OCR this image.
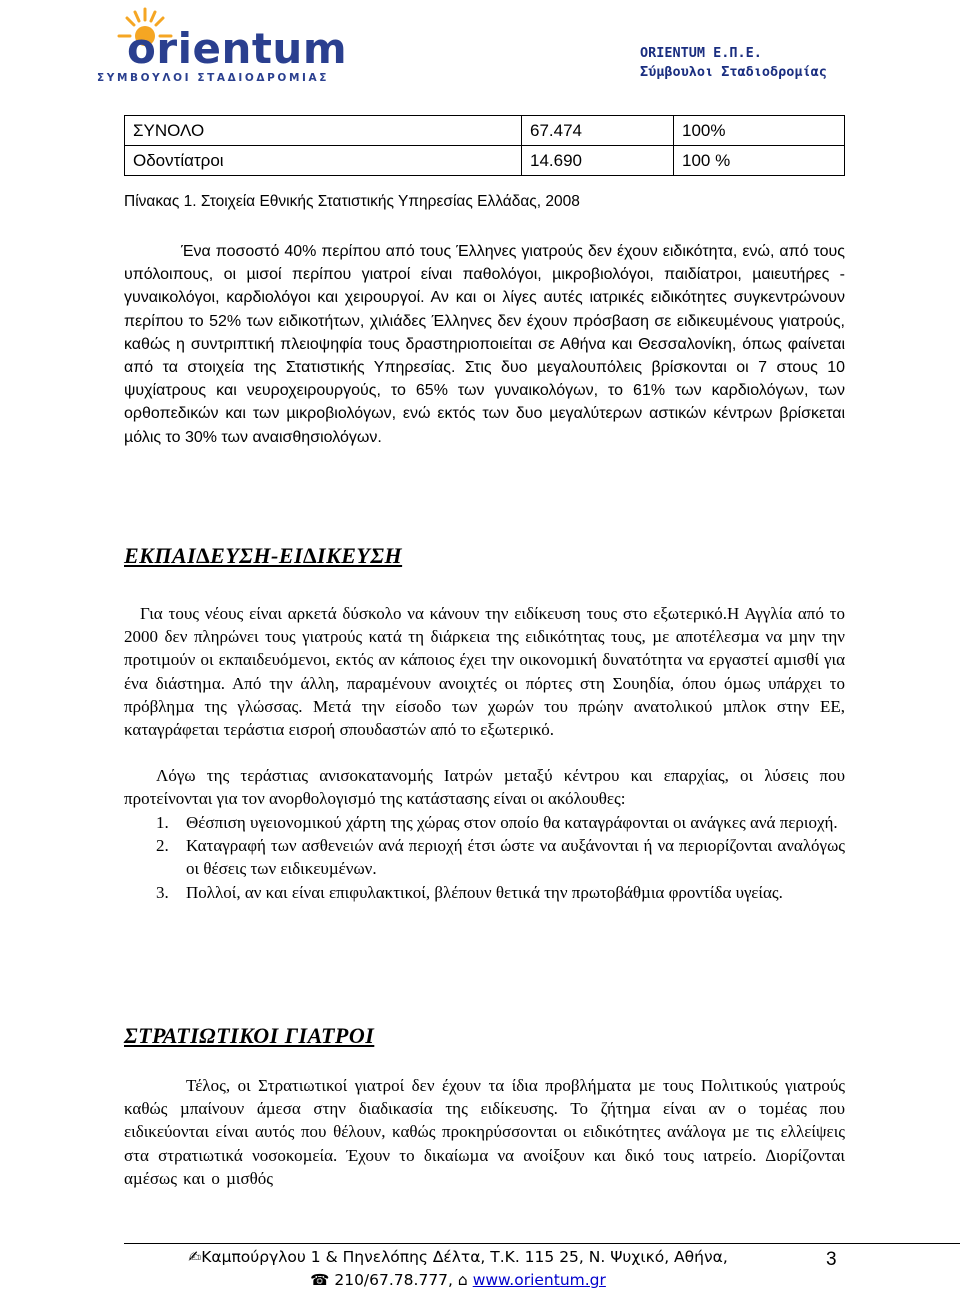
orientum
ΣΥΜΒΟΥΛΟΙ ΣΤΑΔΙΟΔΡΟΜΙΑΣ
ORIENTUM Ε.Π.Ε.
Σύµβουλοι Σταδιοδροµίας
ΣΥΝΟΛΟ	67.474	100%
Οδοντίατροι	14.690	100 %
Πίνακας 1. Στοιχεία Εθνικής Στατιστικής Υπηρεσίας Ελλάδας, 2008
Ένα ποσοστό 40% περίπου από τους Έλληνες γιατρούς δεν έχουν ειδικότητα, ενώ, από τους υπόλοιπους, οι µισοί περίπου γιατροί είναι παθολόγοι, µικροβιολόγοι, παιδίατροι, µαιευτήρες - γυναικολόγοι, καρδιολόγοι και χειρουργοί. Αν και οι λίγες αυτές ιατρικές ειδικότητες συγκεντρώνουν περίπου το 52% των ειδικοτήτων, χιλιάδες Έλληνες δεν έχουν πρόσβαση σε ειδικευµένους γιατρούς, καθώς η συντριπτική πλειοψηφία τους δραστηριοποιείται σε Αθήνα και Θεσσαλονίκη, όπως φαίνεται από τα στοιχεία της Στατιστικής Υπηρεσίας. Στις δυο µεγαλουπόλεις βρίσκονται οι 7 στους 10 ψυχίατρους και νευροχειρουργούς, το 65% των γυναικολόγων, το 61% των καρδιολόγων, των ορθοπεδικών και των µικροβιολόγων, ενώ εκτός των δυο µεγαλύτερων αστικών κέντρων βρίσκεται µόλις το 30% των αναισθησιολόγων.
ΕΚΠΑΙ∆ΕΥΣΗ-ΕΙ∆ΙΚΕΥΣΗ
Για τους νέους είναι αρκετά δύσκολο να κάνουν την ειδίκευση τους στο εξωτερικό.Η Αγγλία από το 2000 δεν πληρώνει τους γιατρούς κατά τη διάρκεια της ειδικότητας τους, µε αποτέλεσµα να µην την προτιµούν οι εκπαιδευόµενοι, εκτός αν κάποιος έχει την οικονοµική δυνατότητα να εργαστεί αµισθί για ένα διάστηµα. Από την άλλη, παραµένουν ανοιχτές οι πόρτες στη Σουηδία, όπου όµως υπάρχει το πρόβληµα της γλώσσας. Μετά την είσοδο των χωρών του πρώην ανατολικού µπλοκ στην ΕΕ, καταγράφεται τεράστια εισροή σπουδαστών από το εξωτερικό.
Λόγω της τεράστιας ανισοκατανοµής Ιατρών µεταξύ κέντρου και επαρχίας, οι λύσεις που προτείνονται για τον ανορθολογισµό της κατάστασης είναι οι ακόλουθες:
1. Θέσπιση υγειονοµικού χάρτη της χώρας στον οποίο θα καταγράφονται οι ανάγκες ανά περιοχή.
2. Καταγραφή των ασθενειών ανά περιοχή έτσι ώστε να αυξάνονται ή να περιορίζονται αναλόγως οι θέσεις των ειδικευµένων.
3. Πολλοί, αν και είναι επιφυλακτικοί, βλέπουν θετικά την πρωτοβάθµια φροντίδα υγείας.
ΣΤΡΑΤΙΩΤΙΚΟΙ ΓΙΑΤΡΟΙ
Τέλος, οι Στρατιωτικοί γιατροί δεν έχουν τα ίδια προβλήµατα µε τους Πολιτικούς γιατρούς καθώς µπαίνουν άµεσα στην διαδικασία της ειδίκευσης. Το ζήτηµα είναι αν ο τοµέας που ειδικεύονται είναι αυτός που θέλουν, καθώς προκηρύσσονται οι ειδικότητες ανάλογα µε τις ελλείψεις στα στρατιωτικά νοσοκοµεία. Έχουν το δικαίωµα να ανοίξουν και δικό τους ιατρείο. ∆ιορίζονται αµέσως και ο µισθός
✍Καµπούργλου 1 & Πηνελόπης ∆έλτα, Τ.Κ. 115 25, Ν. Ψυχικό, Αθήνα,
☎ 210/67.78.777, ⌂ www.orientum.gr
3
